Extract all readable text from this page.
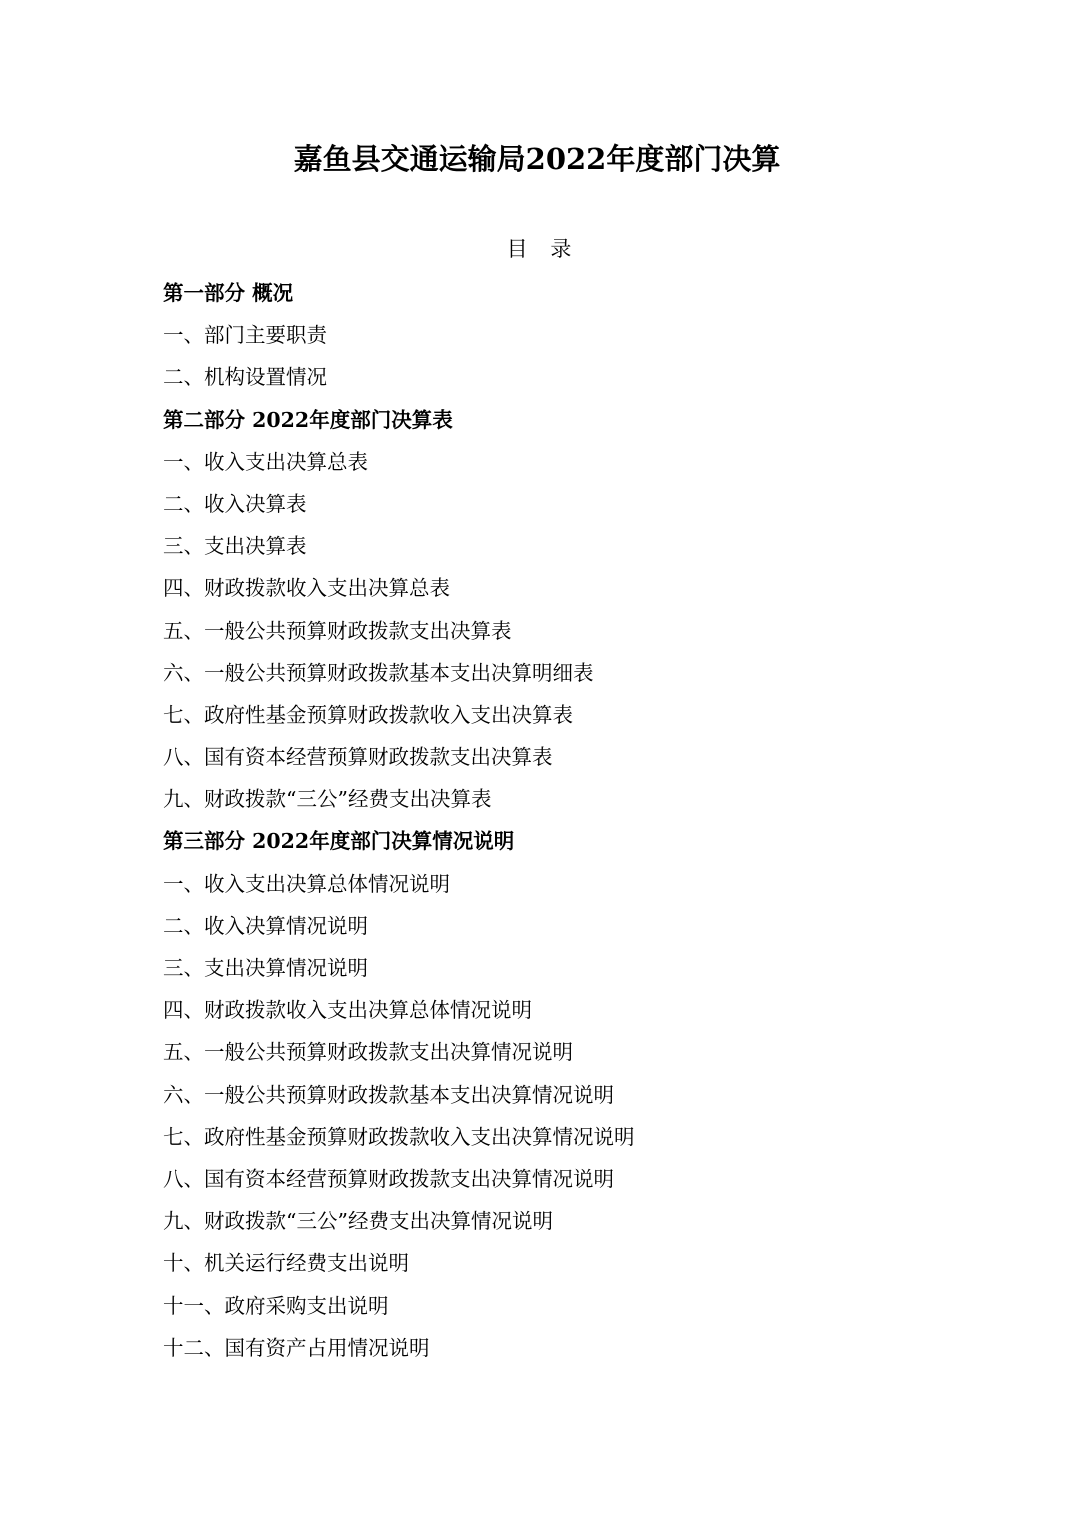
嘉鱼县交通运输局2022年度部门决算
目 录
第一部分 概况
一、部门主要职责
二、机构设置情况
第二部分 2022年度部门决算表
一、收入支出决算总表
二、收入决算表
三、支出决算表
四、财政拨款收入支出决算总表
五、一般公共预算财政拨款支出决算表
六、一般公共预算财政拨款基本支出决算明细表
七、政府性基金预算财政拨款收入支出决算表
八、国有资本经营预算财政拨款支出决算表
九、财政拨款“三公”经费支出决算表
第三部分 2022年度部门决算情况说明
一、收入支出决算总体情况说明
二、收入决算情况说明
三、支出决算情况说明
四、财政拨款收入支出决算总体情况说明
五、一般公共预算财政拨款支出决算情况说明
六、一般公共预算财政拨款基本支出决算情况说明
七、政府性基金预算财政拨款收入支出决算情况说明
八、国有资本经营预算财政拨款支出决算情况说明
九、财政拨款“三公”经费支出决算情况说明
十、机关运行经费支出说明
十一、政府采购支出说明
十二、国有资产占用情况说明
